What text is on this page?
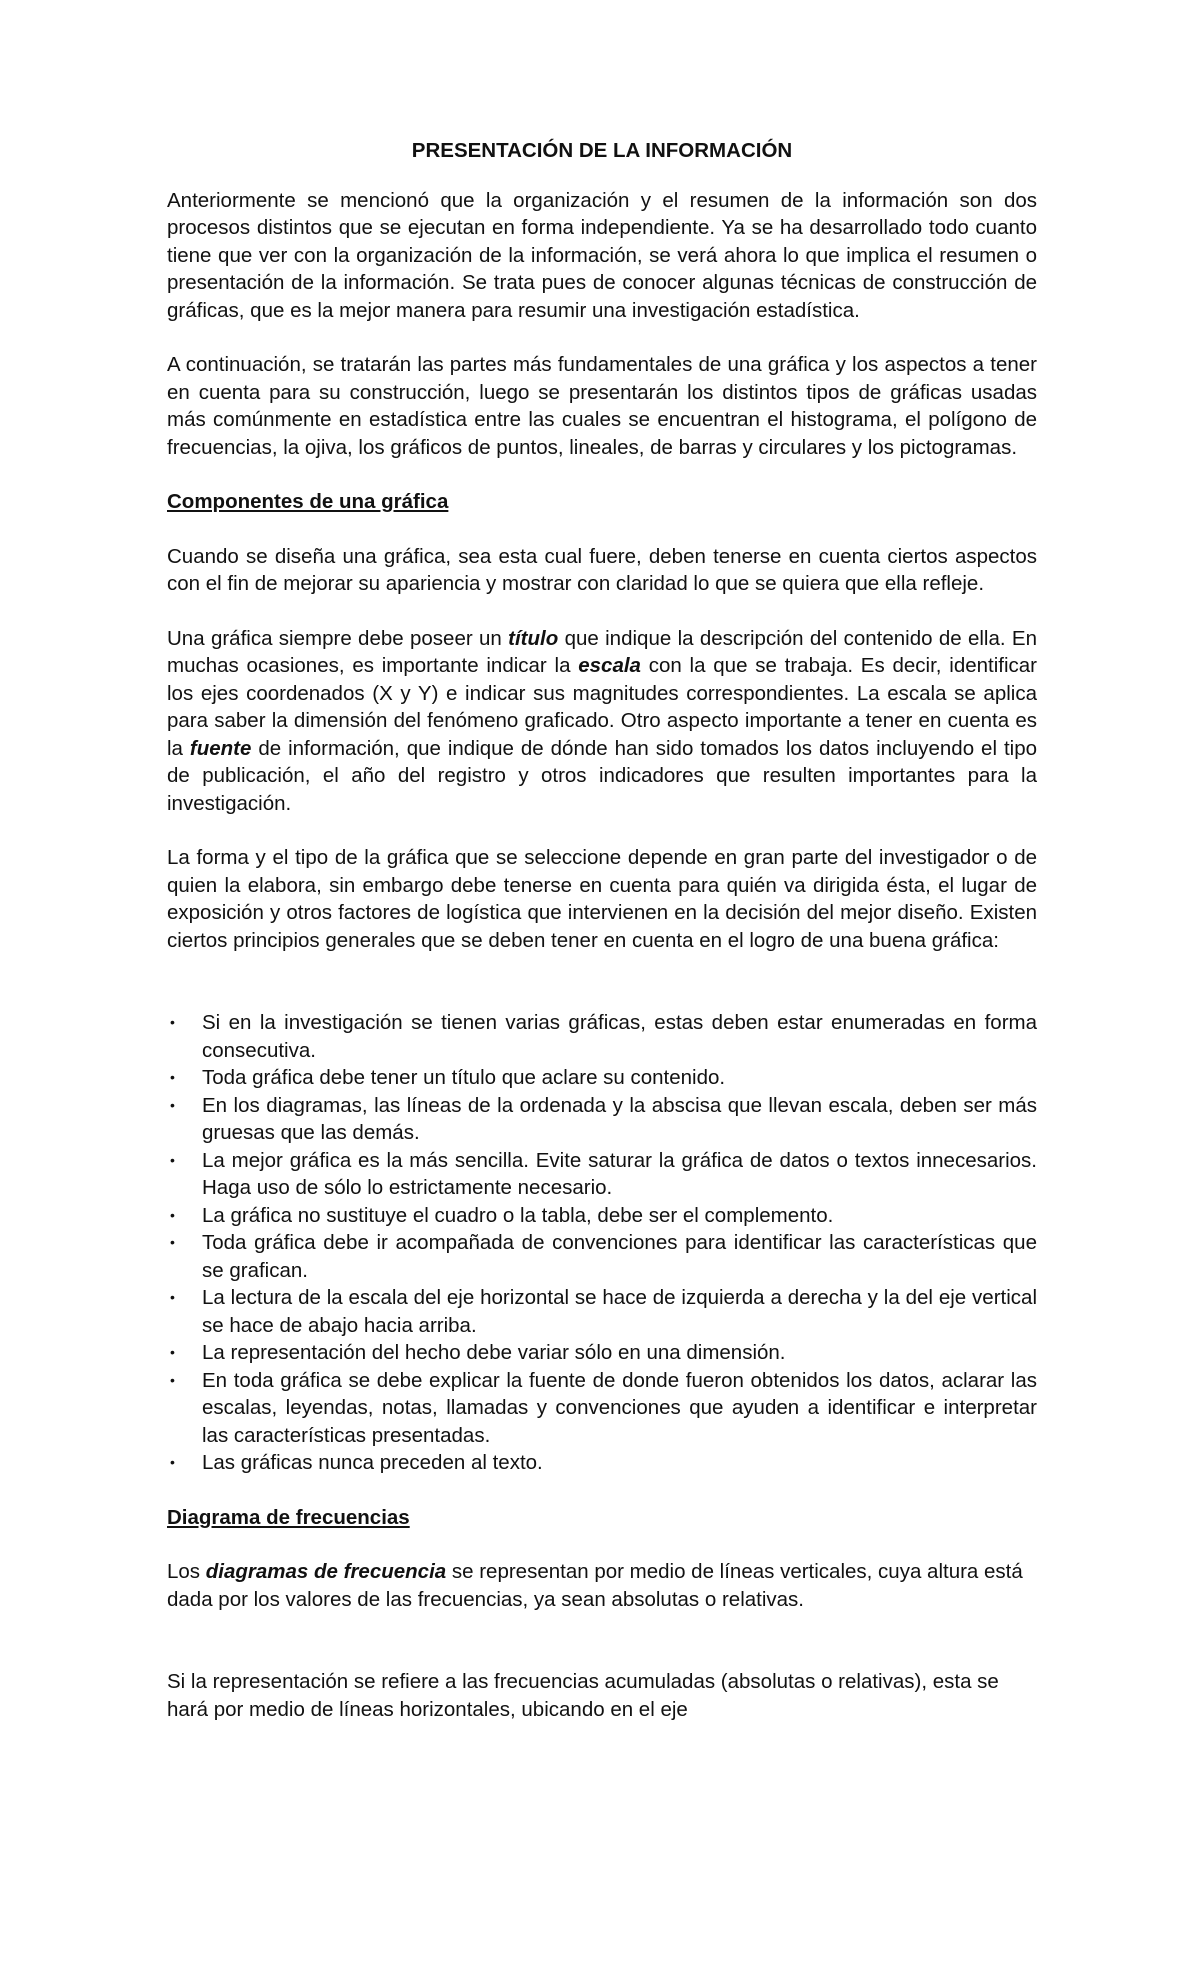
PRESENTACIÓN DE LA INFORMACIÓN

Anteriormente se mencionó que la organización y el resumen de la información son dos procesos distintos que se ejecutan en forma independiente. Ya se ha desarrollado todo cuanto tiene que ver con la organización de la información, se verá ahora lo que implica el resumen o presentación de la información. Se trata pues de conocer algunas técnicas de construcción de gráficas, que es la mejor manera para resumir una investigación estadística.

A continuación, se tratarán las partes más fundamentales de una gráfica y los aspectos a tener en cuenta para su construcción, luego se presentarán los distintos tipos de gráficas usadas más comúnmente en estadística entre las cuales se encuentran el histograma, el polígono de frecuencias, la ojiva, los gráficos de puntos, lineales, de barras y circulares y los pictogramas.

Componentes de una gráfica

Cuando se diseña una gráfica, sea esta cual fuere, deben tenerse en cuenta ciertos aspectos con el fin de mejorar su apariencia y mostrar con claridad lo que se quiera que ella refleje.

Una gráfica siempre debe poseer un título que indique la descripción del contenido de ella. En muchas ocasiones, es importante indicar la escala con la que se trabaja. Es decir, identificar los ejes coordenados (X y Y) e indicar sus magnitudes correspondientes. La escala se aplica para saber la dimensión del fenómeno graficado. Otro aspecto importante a tener en cuenta es la fuente de información, que indique de dónde han sido tomados los datos incluyendo el tipo de publicación, el año del registro y otros indicadores que resulten importantes para la investigación.

La forma y el tipo de la gráfica que se seleccione depende en gran parte del investigador o de quien la elabora, sin embargo debe tenerse en cuenta para quién va dirigida ésta, el lugar de exposición y otros factores de logística que intervienen en la decisión del mejor diseño. Existen ciertos principios generales que se deben tener en cuenta en el logro de una buena gráfica:

• Si en la investigación se tienen varias gráficas, estas deben estar enumeradas en forma consecutiva.
• Toda gráfica debe tener un título que aclare su contenido.
• En los diagramas, las líneas de la ordenada y la abscisa que llevan escala, deben ser más gruesas que las demás.
• La mejor gráfica es la más sencilla. Evite saturar la gráfica de datos o textos innecesarios. Haga uso de sólo lo estrictamente necesario.
• La gráfica no sustituye el cuadro o la tabla, debe ser el complemento.
• Toda gráfica debe ir acompañada de convenciones para identificar las características que se grafican.
• La lectura de la escala del eje horizontal se hace de izquierda a derecha y la del eje vertical se hace de abajo hacia arriba.
• La representación del hecho debe variar sólo en una dimensión.
• En toda gráfica se debe explicar la fuente de donde fueron obtenidos los datos, aclarar las escalas, leyendas, notas, llamadas y convenciones que ayuden a identificar e interpretar las características presentadas.
• Las gráficas nunca preceden al texto.
Diagrama de frecuencias

Los diagramas de frecuencia se representan por medio de líneas verticales, cuya altura está dada por los valores de las frecuencias, ya sean absolutas o relativas.

Si la representación se refiere a las frecuencias acumuladas (absolutas o relativas), esta se hará por medio de líneas horizontales, ubicando en el eje
